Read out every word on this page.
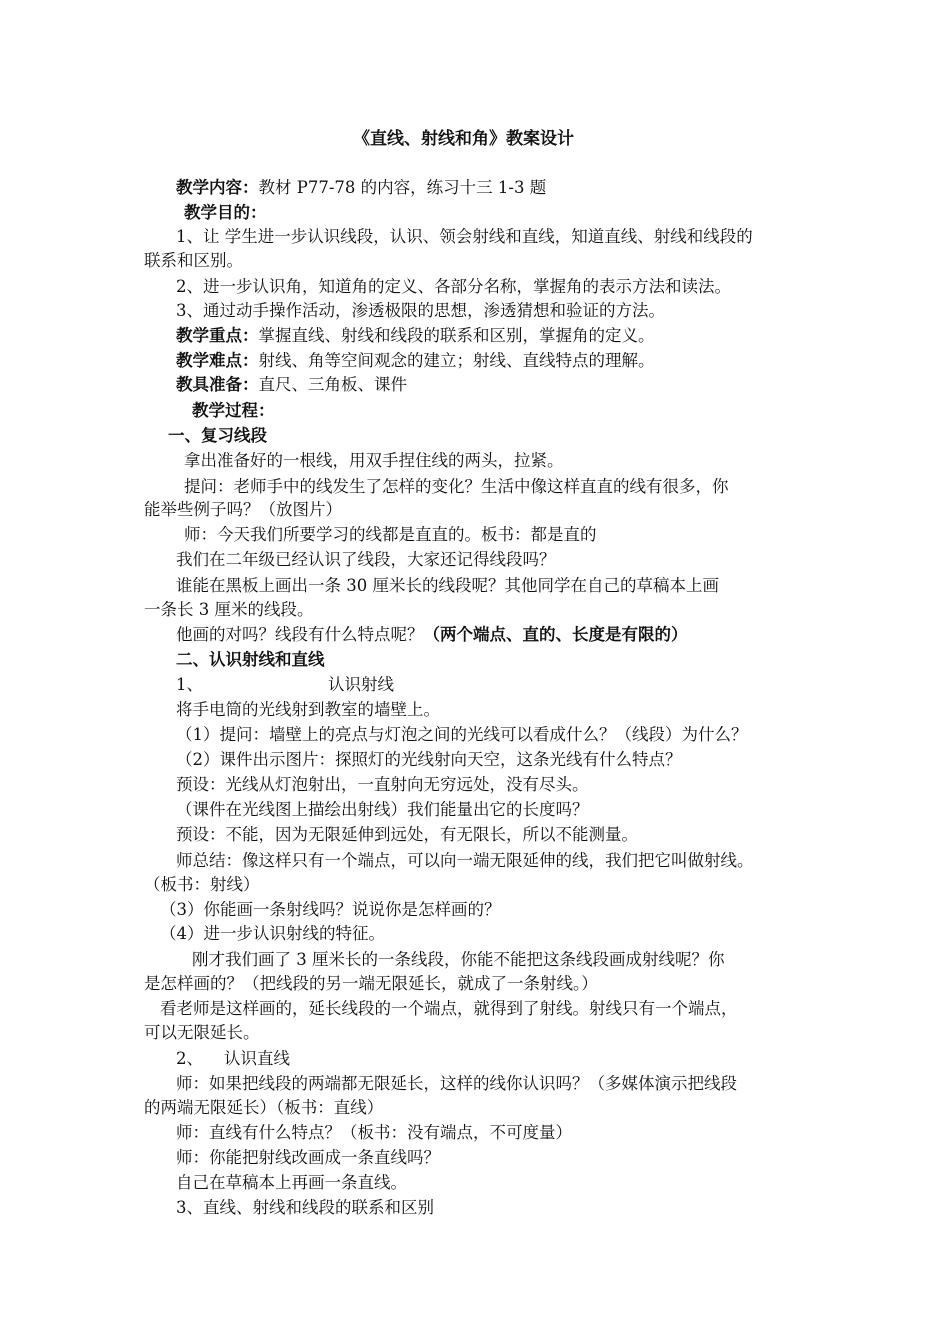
《直线、射线和角》教案设计
教学内容：教材 P77-78 的内容，练习十三 1-3 题
教学目的：
1、让 学生进一步认识线段，认识、领会射线和直线，知道直线、射线和线段的
联系和区别。
2、进一步认识角，知道角的定义、各部分名称，掌握角的表示方法和读法。
3、通过动手操作活动，渗透极限的思想，渗透猜想和验证的方法。
教学重点：掌握直线、射线和线段的联系和区别，掌握角的定义。
教学难点：射线、角等空间观念的建立；射线、直线特点的理解。
教具准备：直尺、三角板、课件
教学过程：
一、复习线段
拿出准备好的一根线，用双手捏住线的两头，拉紧。
提问：老师手中的线发生了怎样的变化？生活中像这样直直的线有很多，你
能举些例子吗？（放图片）
师：今天我们所要学习的线都是直直的。板书：都是直的
我们在二年级已经认识了线段，大家还记得线段吗？
谁能在黑板上画出一条 30 厘米长的线段呢？其他同学在自己的草稿本上画
一条长 3 厘米的线段。
他画的对吗？线段有什么特点呢？（两个端点、直的、长度是有限的）
二、认识射线和直线
1、	认识射线
将手电筒的光线射到教室的墙壁上。
（1）提问：墙壁上的亮点与灯泡之间的光线可以看成什么？（线段）为什么？
（2）课件出示图片：探照灯的光线射向天空，这条光线有什么特点？
预设：光线从灯泡射出，一直射向无穷远处，没有尽头。
（课件在光线图上描绘出射线）我们能量出它的长度吗？
预设：不能，因为无限延伸到远处，有无限长，所以不能测量。
师总结：像这样只有一个端点，可以向一端无限延伸的线，我们把它叫做射线。
（板书：射线）
（3）你能画一条射线吗？说说你是怎样画的？
（4）进一步认识射线的特征。
刚才我们画了 3 厘米长的一条线段，你能不能把这条线段画成射线呢？你
是怎样画的？（把线段的另一端无限延长，就成了一条射线。）
看老师是这样画的，延长线段的一个端点，就得到了射线。射线只有一个端点，
可以无限延长。
2、 认识直线
师：如果把线段的两端都无限延长，这样的线你认识吗？（多媒体演示把线段
的两端无限延长）（板书：直线）
师：直线有什么特点？（板书：没有端点，不可度量）
师：你能把射线改画成一条直线吗？
自己在草稿本上再画一条直线。
3、直线、射线和线段的联系和区别
